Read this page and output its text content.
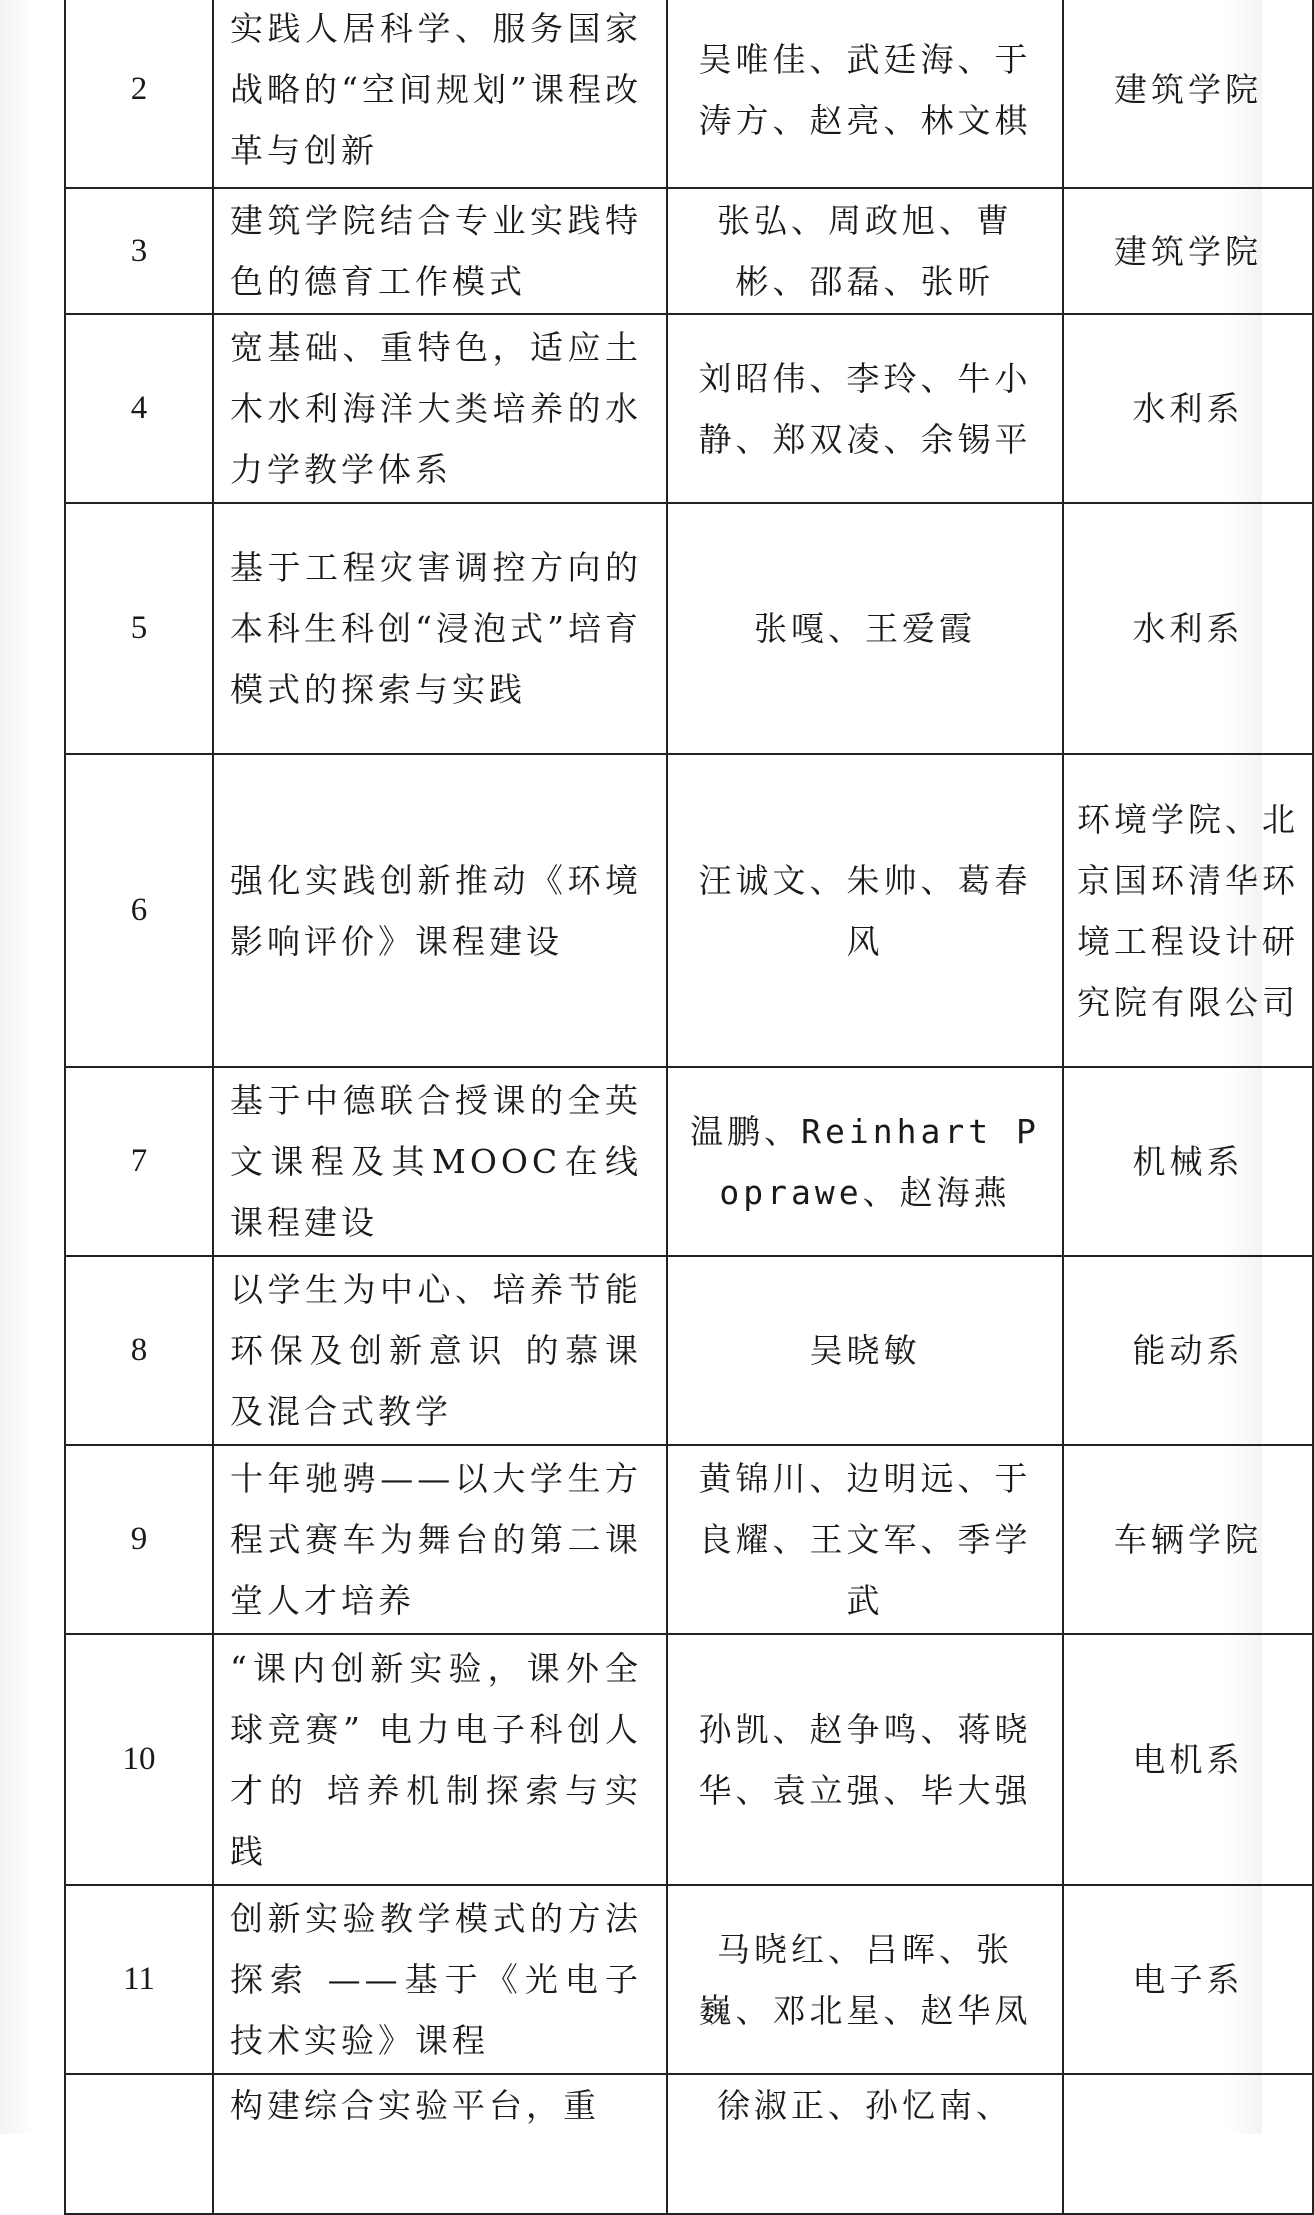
2	实践人居科学、服务国家战略的“空间规划”课程改革与创新	吴唯佳、武廷海、于涛方、赵亮、林文棋	建筑学院
3	建筑学院结合专业实践特色的德育工作模式	张弘、周政旭、曹彬、邵磊、张昕	建筑学院
4	宽基础、重特色，适应土木水利海洋大类培养的水力学教学体系	刘昭伟、李玲、牛小静、郑双凌、余锡平	水利系
5	基于工程灾害调控方向的本科生科创“浸泡式”培育模式的探索与实践	张嘎、王爱霞	水利系
6	强化实践创新推动《环境影响评价》课程建设	汪诚文、朱帅、葛春风	环境学院、北京国环清华环境工程设计研究院有限公司
7	基于中德联合授课的全英文课程及其MOOC在线课程建设	温鹏、Reinhart Poprawe、赵海燕	机械系
8	以学生为中心、培养节能环保及创新意识 的慕课及混合式教学	吴晓敏	能动系
9	十年驰骋——以大学生方程式赛车为舞台的第二课堂人才培养	黄锦川、边明远、于良耀、王文军、季学武	车辆学院
10	“课内创新实验，课外全球竞赛” 电力电子科创人才的 培养机制探索与实践	孙凯、赵争鸣、蒋晓华、袁立强、毕大强	电机系
11	创新实验教学模式的方法探索 ——基于《光电子技术实验》课程	马晓红、吕晖、张巍、邓北星、赵华凤	电子系
	构建综合实验平台，重	徐淑正、孙忆南、	
